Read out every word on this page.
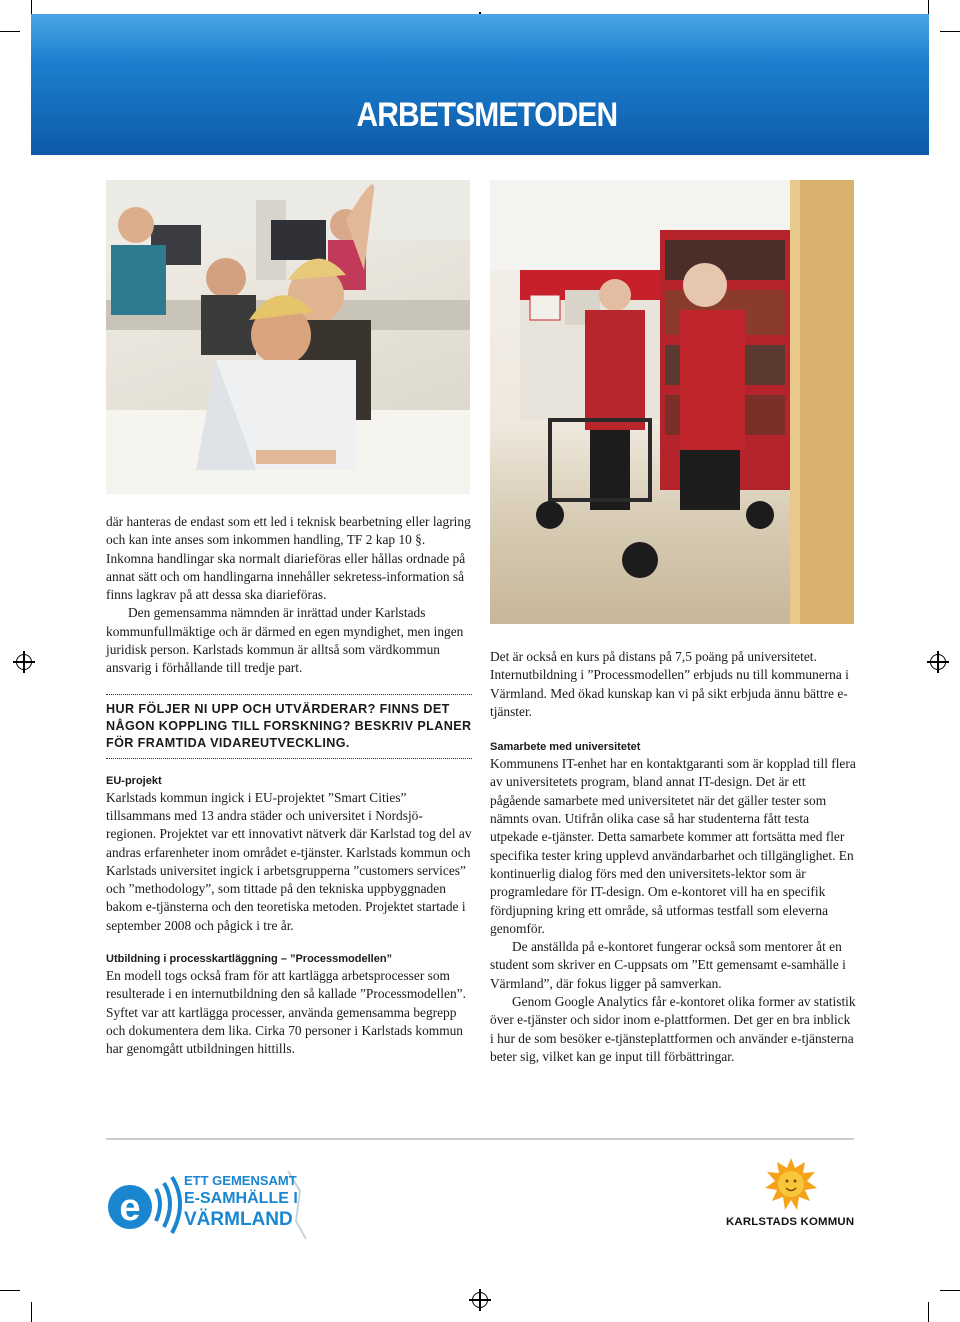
ARBETSMETODEN

där hanteras de endast som ett led i teknisk bearbetning eller lagring och kan inte anses som inkommen handling, TF 2 kap 10 §. Inkomna handlingar ska normalt diarieföras eller hållas ordnade på annat sätt och om handlingarna innehåller sekretess-information så finns lagkrav på att dessa ska diarieföras.

Den gemensamma nämnden är inrättad under Karlstads kommunfullmäktige och är därmed en egen myndighet, men ingen juridisk person. Karlstads kommun är alltså som värdkommun ansvarig i förhållande till tredje part.

HUR FÖLJER NI UPP OCH UTVÄRDERAR? FINNS DET NÅGON KOPPLING TILL FORSKNING? BESKRIV PLANER FÖR FRAMTIDA VIDAREUTVECKLING.
EU-projekt

Karlstads kommun ingick i EU-projektet ”Smart Cities” tillsammans med 13 andra städer och universitet i Nordsjö-regionen. Projektet var ett innovativt nätverk där Karlstad tog del av andras erfarenheter inom området e-tjänster. Karlstads kommun och Karlstads universitet ingick i arbetsgrupperna ”customers services” och ”methodology”, som tittade på den tekniska uppbyggnaden bakom e-tjänsterna och den teoretiska metoden. Projektet startade i september 2008 och pågick i tre år.

Utbildning i processkartläggning – ”Processmodellen”

En modell togs också fram för att kartlägga arbetsprocesser som resulterade i en internutbildning den så kallade ”Processmodellen”. Syftet var att kartlägga processer, använda gemensamma begrepp och dokumentera dem lika. Cirka 70 personer i Karlstads kommun har genomgått utbildningen hittills.

Det är också en kurs på distans på 7,5 poäng på universitetet. Internutbildning i ”Processmodellen” erbjuds nu till kommunerna i Värmland. Med ökad kunskap kan vi på sikt erbjuda ännu bättre e-tjänster.

Samarbete med universitetet

Kommunens IT-enhet har en kontaktgaranti som är kopplad till flera av universitetets program, bland annat IT-design. Det är ett pågående samarbete med universitetet när det gäller tester som nämnts ovan. Utifrån olika case så har studenterna fått testa utpekade e-tjänster. Detta samarbete kommer att fortsätta med fler specifika tester kring upplevd användarbarhet och tillgänglighet. En kontinuerlig dialog förs med den universitets-lektor som är programledare för IT-design. Om e-kontoret vill ha en specifik fördjupning kring ett område, så utformas testfall som eleverna genomför.

De anställda på e-kontoret fungerar också som mentorer åt en student som skriver en C-uppsats om ”Ett gemensamt e-samhälle i Värmland”, där fokus ligger på samverkan.

Genom Google Analytics får e-kontoret olika former av statistik över e-tjänster och sidor inom e-plattformen. Det ger en bra inblick i hur de som besöker e-tjänsteplattformen och använder e-tjänsterna beter sig, vilket kan ge input till förbättringar.

e
ETT GEMENSAMT
E-SAMHÄLLE I
VÄRMLAND	KARLSTADS KOMMUN
